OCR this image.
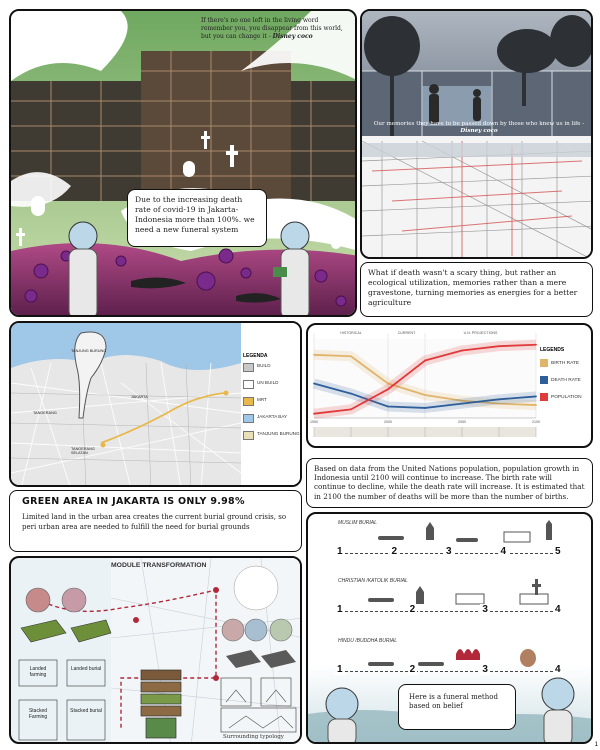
If there's no one left in the living word remember you, you disappear from this world, but you can change it - Disney coco
Due to the increasing death rate of covid-19 in Jakarta-Indonesia more than 100%. we need a new funeral system
Our memories they have to be passed down by those who knew us in life - Disney coco
What if death wasn't a scary thing, but rather an ecological utilization, memories rather than a mere gravestone, turning memories as energies for a better agriculture
TANJUNG BURUNG
TANGERANG
JAKARTA
TANGERANG SELATAN
LEGENDA
BUILD
UN BUILD
MRT
JAKARTA BAY
TANJUNG BURUNG
HISTORICAL	CURRENT	U.N. PROJECTIONS
1950	2000	2050	2100
LEGENDS
BIRTH RATE
DEATH RATE
POPULATION
Based on data from the United Nations population, population growth in Indonesia until 2100 will continue to increase. The birth rate will continue to decline, while the death rate will increase. It is estimated that in 2100 the number of deaths will be more than the number of births.
GREEN AREA IN JAKARTA IS ONLY 9.98%
Limited land in the urban area creates the current burial ground crisis, so peri urban area are needed to fulfill the need for burial grounds
MODULE TRANSFORMATION
Landed farming
Landed burial
Stacked Farming
Stacked burial
Surrounding typology
MUSLIM BURIAL
1	2	3	4	5
CHRISTIAN /KATOLIK BURIAL
1	2	3	4
HINDU /BUDDHA BURIAL
1	2	3	4
Here is a funeral method based on belief
1
